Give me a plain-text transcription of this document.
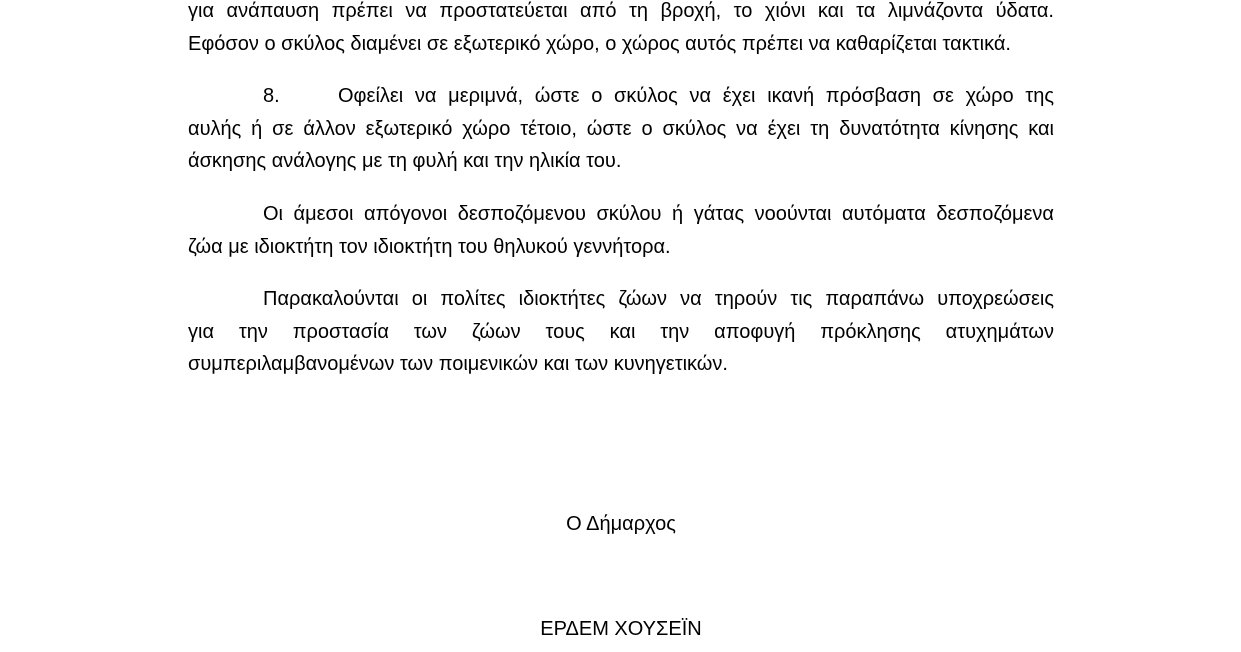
για ανάπαυση πρέπει να προστατεύεται από τη βροχή, το χιόνι και τα λιμνάζοντα ύδατα.
Εφόσον ο σκύλος διαμένει σε εξωτερικό χώρο, ο χώρος αυτός πρέπει να καθαρίζεται τακτικά.

8.	Οφείλει να μεριμνά, ώστε ο σκύλος να έχει ικανή πρόσβαση σε χώρο της
αυλής ή σε άλλον εξωτερικό χώρο τέτοιο, ώστε ο σκύλος να έχει τη δυνατότητα κίνησης και
άσκησης ανάλογης με τη φυλή και την ηλικία του.

Οι άμεσοι απόγονοι δεσποζόμενου σκύλου ή γάτας νοούνται αυτόματα δεσποζόμενα
ζώα με ιδιοκτήτη τον ιδιοκτήτη του θηλυκού γεννήτορα.

Παρακαλούνται οι πολίτες ιδιοκτήτες ζώων να τηρούν τις παραπάνω υποχρεώσεις
για την προστασία των ζώων τους και την αποφυγή πρόκλησης ατυχημάτων
συμπεριλαμβανομένων των ποιμενικών και των κυνηγετικών.

Ο Δήμαρχος

ΕΡΔΕΜ ΧΟΥΣΕΪΝ
